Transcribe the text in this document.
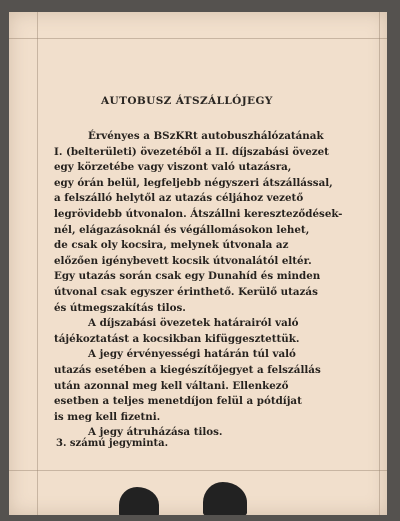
AUTOBUSZ ÁTSZÁLLÓJEGY
Érvényes a BSzKRt autobuszhálózatának
I. (belterületi) övezetéből a II. díjszabási övezet
egy körzetébe vagy viszont való utazásra,
egy órán belül, legfeljebb négyszeri átszállással,
a felszálló helytől az utazás céljához vezető
legrövidebb útvonalon. Átszállni kereszteződések-
nél, elágazásoknál és végállomásokon lehet,
de csak oly kocsira, melynek útvonala az
előzően igénybevett kocsik útvonalától eltér.
Egy utazás során csak egy Dunahíd és minden
útvonal csak egyszer érinthető. Kerülő utazás
és útmegszakítás tilos.
A díjszabási övezetek határairól való
tájékoztatást a kocsikban kifüggesztettük.
A jegy érvényességi határán túl való
utazás esetében a kiegészítőjegyet a felszállás
után azonnal meg kell váltani. Ellenkező
esetben a teljes menetdíjon felül a pótdíjat
is meg kell fizetni.
A jegy átruházása tilos.
3. számú jegyminta.
